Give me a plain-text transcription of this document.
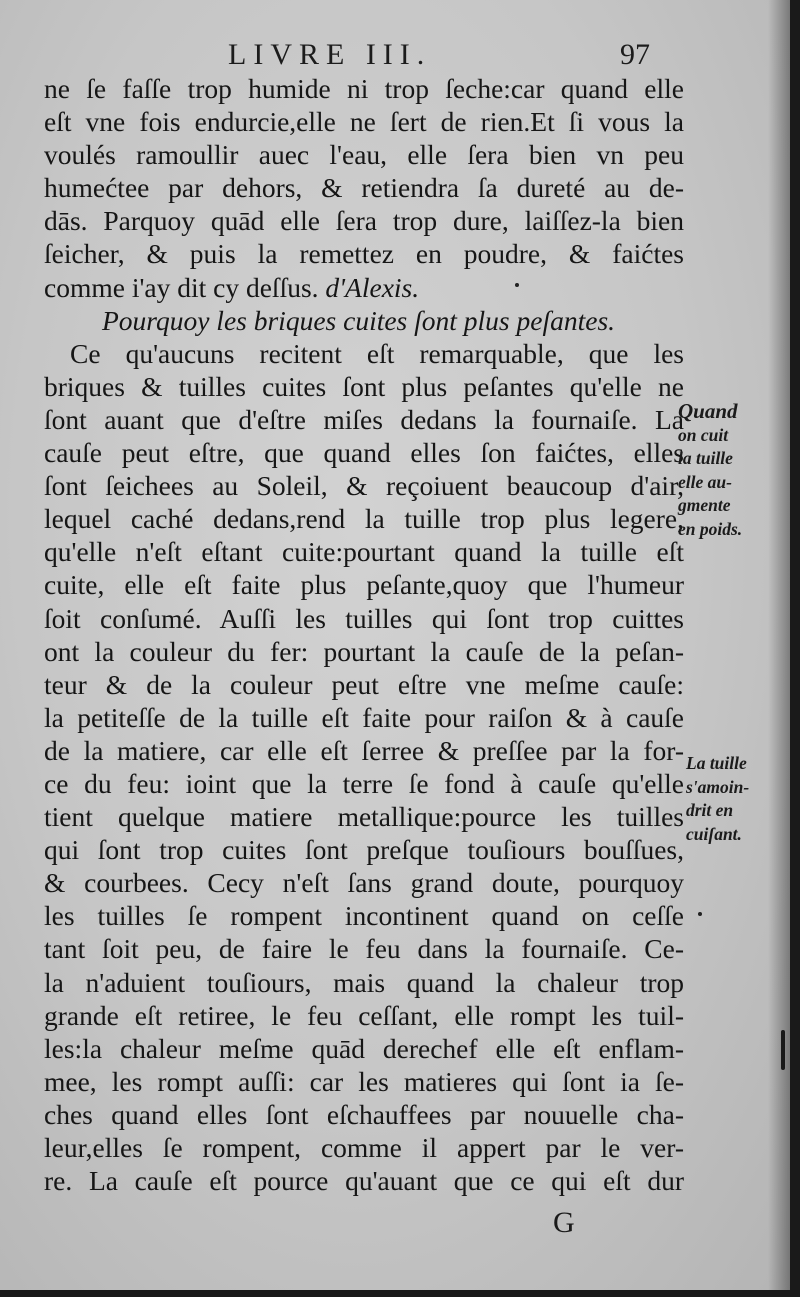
LIVRE III.	97
ne ſe faſſe trop humide ni trop ſeche:car quand elle
eſt vne fois endurcie,elle ne ſert de rien.Et ſi vous la
voulés ramoullir auec l'eau, elle ſera bien vn peu
humećtee par dehors, & retiendra ſa dureté au de-
dās. Parquoy quād elle ſera trop dure, laiſſez-la bien
ſeicher, & puis la remettez en poudre, & faićtes
comme i'ay dit cy deſſus. d'Alexis.
Pourquoy les briques cuites ſont plus peſantes.
Ce qu'aucuns recitent eſt remarquable, que les
briques & tuilles cuites ſont plus peſantes qu'elle ne
ſont auant que d'eſtre miſes dedans la fournaiſe. La
cauſe peut eſtre, que quand elles ſon faićtes, elles
ſont ſeichees au Soleil, & reçoiuent beaucoup d'air,
lequel caché dedans,rend la tuille trop plus legere,
qu'elle n'eſt eſtant cuite:pourtant quand la tuille eſt
cuite, elle eſt faite plus peſante,quoy que l'humeur
ſoit conſumé. Auſſi les tuilles qui ſont trop cuittes
ont la couleur du fer: pourtant la cauſe de la peſan-
teur & de la couleur peut eſtre vne meſme cauſe:
la petiteſſe de la tuille eſt faite pour raiſon & à cauſe
de la matiere, car elle eſt ſerree & preſſee par la for-
ce du feu: ioint que la terre ſe fond à cauſe qu'elle
tient quelque matiere metallique:pource les tuilles
qui ſont trop cuites ſont preſque touſiours bouſſues,
& courbees. Cecy n'eſt ſans grand doute, pourquoy
les tuilles ſe rompent incontinent quand on ceſſe
tant ſoit peu, de faire le feu dans la fournaiſe. Ce-
la n'aduient touſiours, mais quand la chaleur trop
grande eſt retiree, le feu ceſſant, elle rompt les tuil-
les:la chaleur meſme quād derechef elle eſt enflam-
mee, les rompt auſſi: car les matieres qui ſont ia ſe-
ches quand elles ſont eſchauffees par nouuelle cha-
leur,elles ſe rompent, comme il appert par le ver-
re. La cauſe eſt pource qu'auant que ce qui eſt dur
Quand
on cuit
la tuille
elle au-
gmente
en poids.
La tuille
s'amoin-
drit en
cuiſant.
G
